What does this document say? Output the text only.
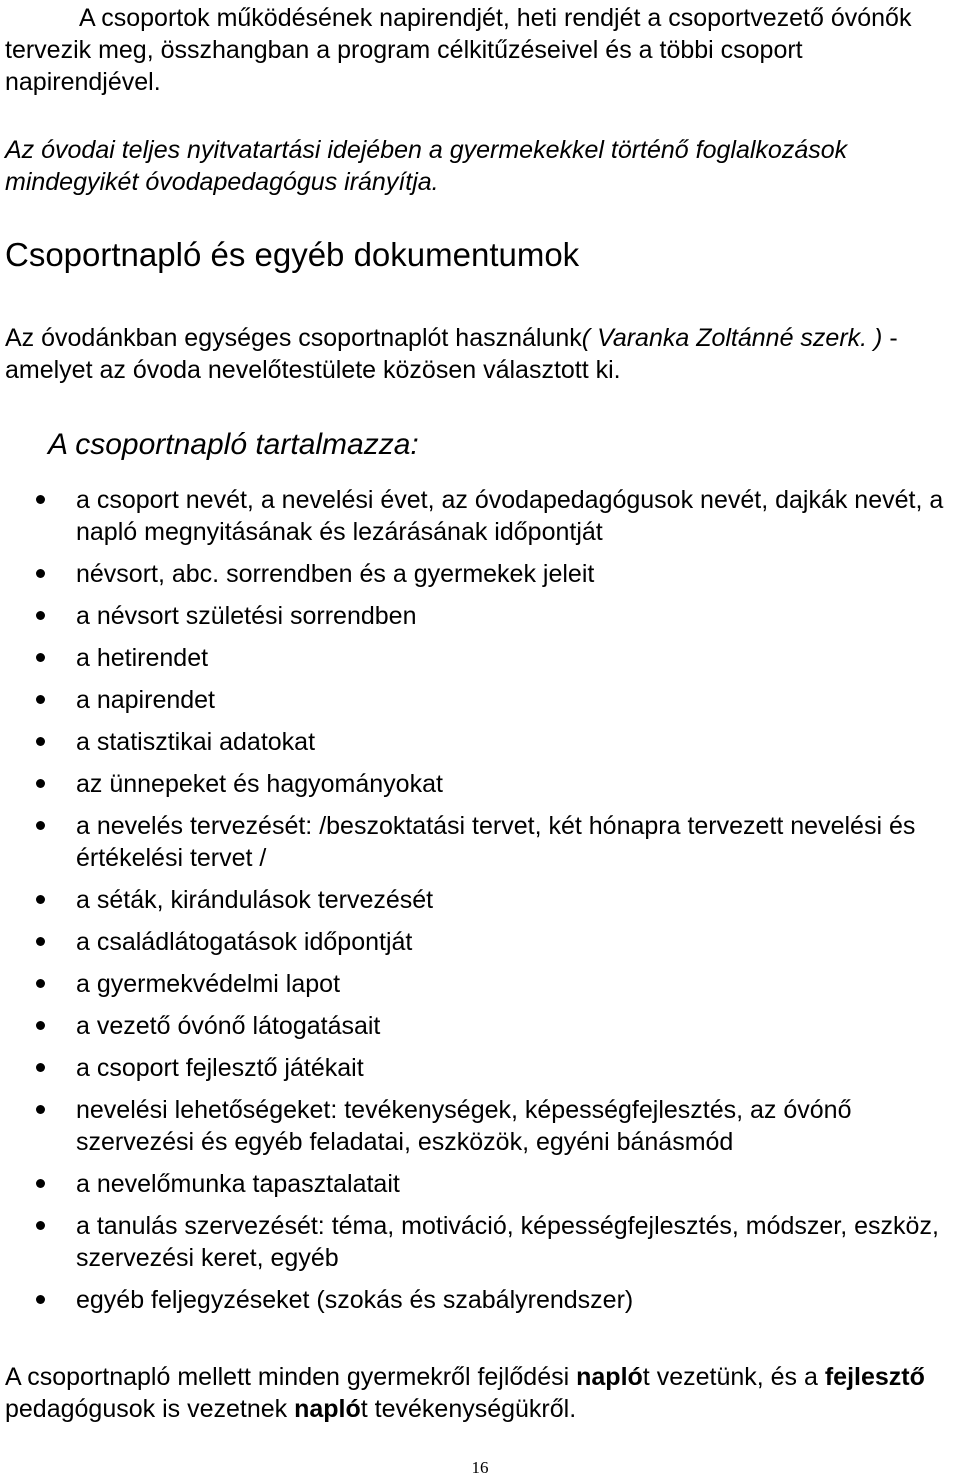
A csoportok működésének napirendjét, heti rendjét a csoportvezető óvónők tervezik meg, összhangban a program célkitűzéseivel és a többi csoport napirendjével.

Az óvodai teljes nyitvatartási idejében a gyermekekkel történő foglalkozások mindegyikét óvodapedagógus irányítja.

Csoportnapló és egyéb dokumentumok

Az óvodánkban egységes csoportnaplót használunk( Varanka Zoltánné szerk. ) - amelyet az óvoda nevelőtestülete közösen választott ki.

A csoportnapló tartalmazza:
a csoport nevét, a nevelési évet, az óvodapedagógusok nevét, dajkák nevét, a napló megnyitásának és lezárásának időpontját
névsort, abc. sorrendben és a gyermekek jeleit
a névsort születési sorrendben
a hetirendet
a napirendet
a statisztikai adatokat
az ünnepeket és hagyományokat
a nevelés tervezését: /beszoktatási tervet, két hónapra tervezett nevelési és értékelési tervet /
a séták, kirándulások tervezését
a családlátogatások időpontját
a gyermekvédelmi lapot
a vezető óvónő látogatásait
a csoport fejlesztő játékait
nevelési lehetőségeket: tevékenységek, képességfejlesztés, az óvónő szervezési és egyéb feladatai, eszközök, egyéni bánásmód
a nevelőmunka tapasztalatait
a tanulás szervezését: téma, motiváció, képességfejlesztés, módszer, eszköz, szervezési keret, egyéb
egyéb feljegyzéseket (szokás és szabályrendszer)

A csoportnapló mellett minden gyermekről fejlődési naplót vezetünk, és a fejlesztő pedagógusok is vezetnek naplót tevékenységükről.

16
